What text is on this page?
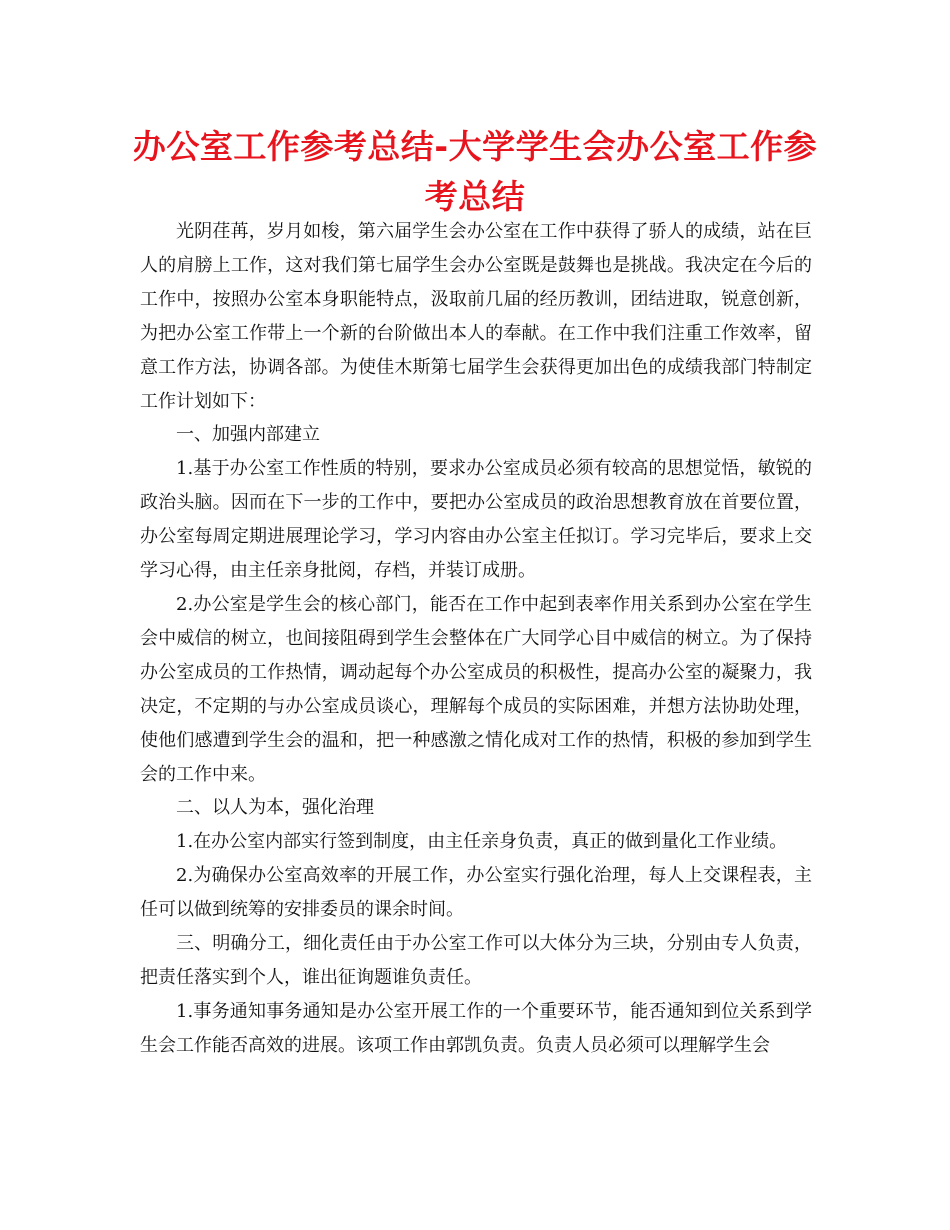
办公室工作参考总结-大学学生会办公室工作参考总结

光阴荏苒，岁月如梭，第六届学生会办公室在工作中获得了骄人的成绩，站在巨人的肩膀上工作，这对我们第七届学生会办公室既是鼓舞也是挑战。我决定在今后的工作中，按照办公室本身职能特点，汲取前几届的经历教训，团结进取，锐意创新，为把办公室工作带上一个新的台阶做出本人的奉献。在工作中我们注重工作效率，留意工作方法，协调各部。为使佳木斯第七届学生会获得更加出色的成绩我部门特制定工作计划如下：

一、加强内部建立

1.基于办公室工作性质的特别，要求办公室成员必须有较高的思想觉悟，敏锐的政治头脑。因而在下一步的工作中，要把办公室成员的政治思想教育放在首要位置，办公室每周定期进展理论学习，学习内容由办公室主任拟订。学习完毕后，要求上交学习心得，由主任亲身批阅，存档，并装订成册。

2.办公室是学生会的核心部门，能否在工作中起到表率作用关系到办公室在学生会中威信的树立，也间接阻碍到学生会整体在广大同学心目中威信的树立。为了保持办公室成员的工作热情，调动起每个办公室成员的积极性，提高办公室的凝聚力，我决定，不定期的与办公室成员谈心，理解每个成员的实际困难，并想方法协助处理，使他们感遭到学生会的温和，把一种感激之情化成对工作的热情，积极的参加到学生会的工作中来。

二、以人为本，强化治理

1.在办公室内部实行签到制度，由主任亲身负责，真正的做到量化工作业绩。

2.为确保办公室高效率的开展工作，办公室实行强化治理，每人上交课程表，主任可以做到统筹的安排委员的课余时间。

三、明确分工，细化责任由于办公室工作可以大体分为三块，分别由专人负责，把责任落实到个人，谁出征询题谁负责任。

1.事务通知事务通知是办公室开展工作的一个重要环节，能否通知到位关系到学生会工作能否高效的进展。该项工作由郭凯负责。负责人员必须可以理解学生会
